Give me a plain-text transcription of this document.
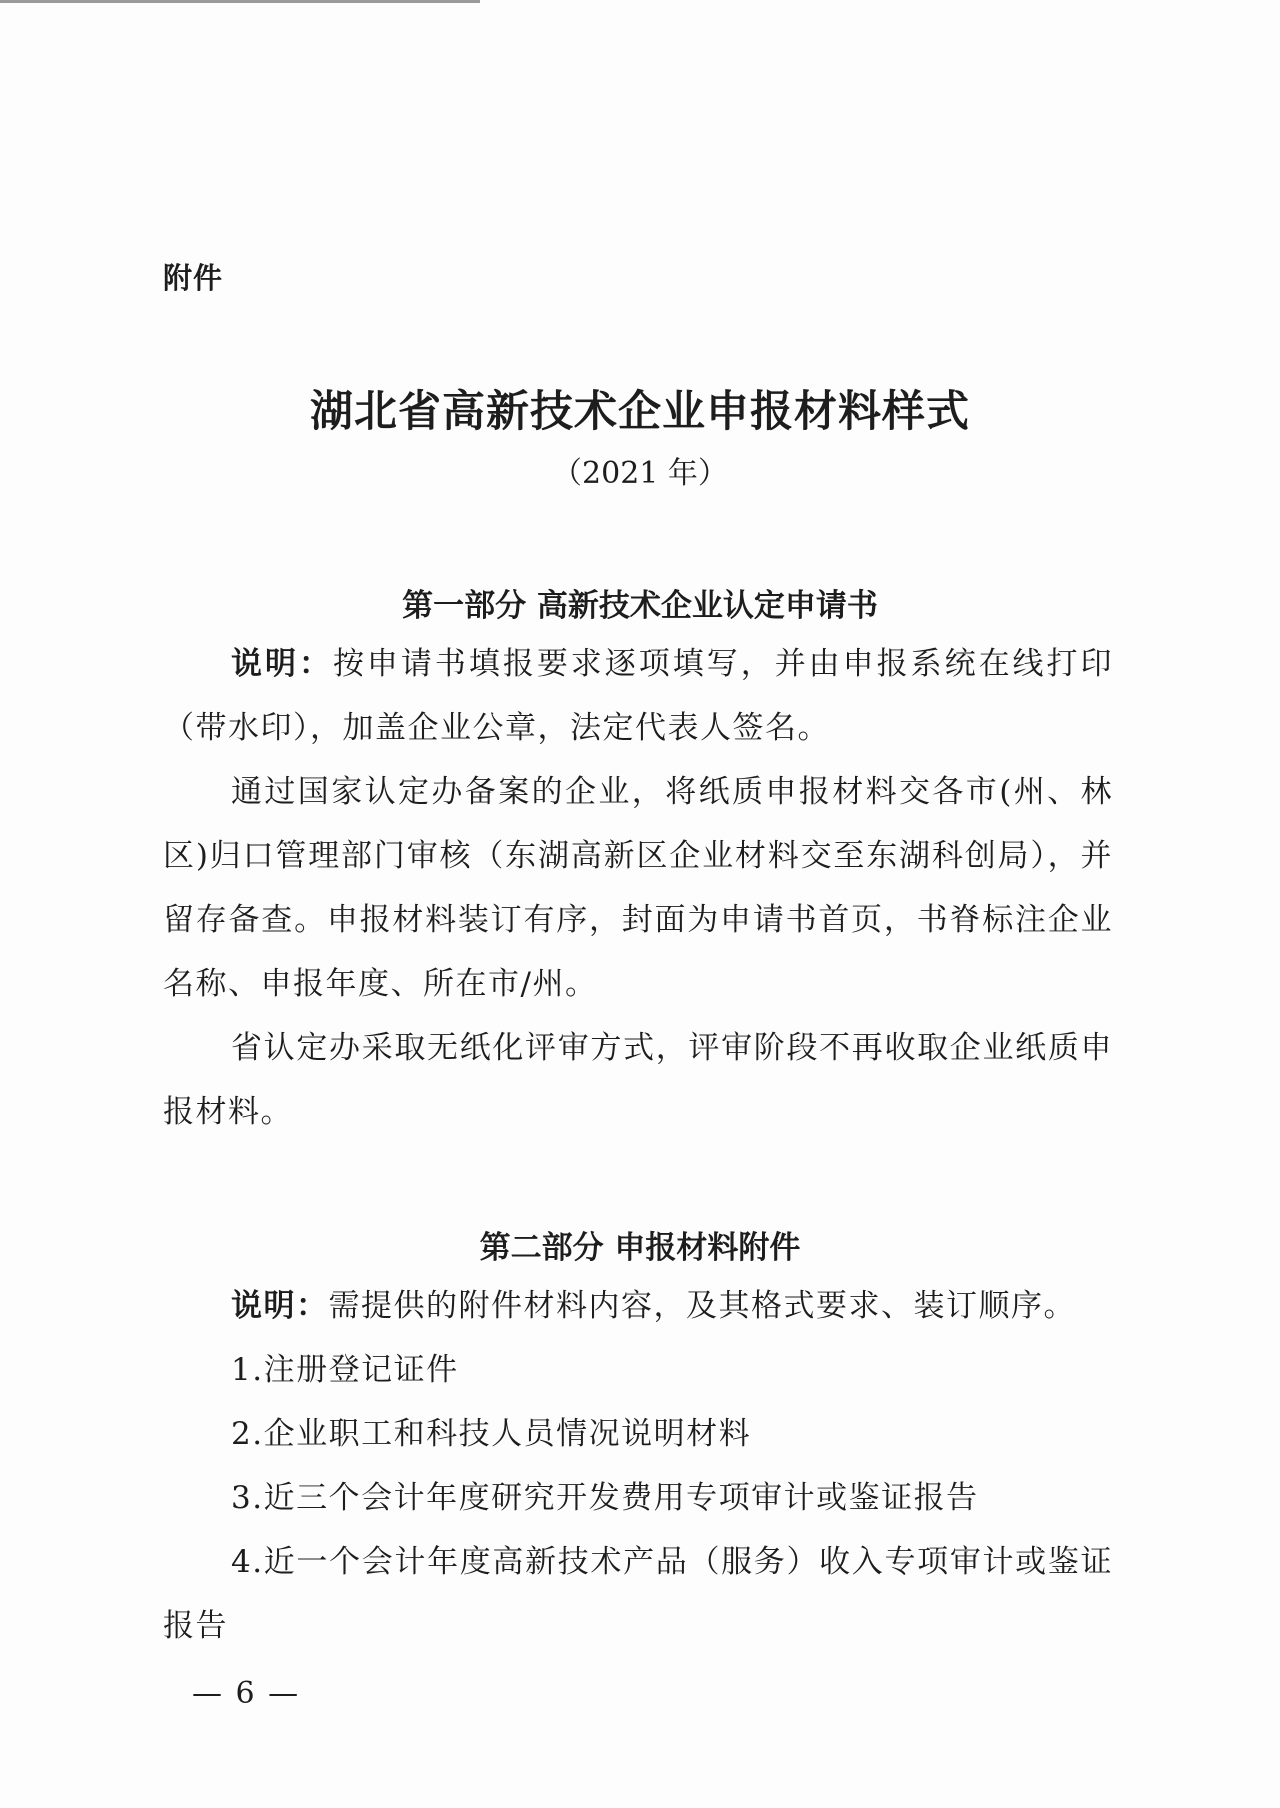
附件
湖北省高新技术企业申报材料样式
（2021 年）
第一部分 高新技术企业认定申请书
说明：按申请书填报要求逐项填写，并由申报系统在线打印（带水印），加盖企业公章，法定代表人签名。
通过国家认定办备案的企业，将纸质申报材料交各市(州、林区)归口管理部门审核（东湖高新区企业材料交至东湖科创局），并留存备查。申报材料装订有序，封面为申请书首页，书脊标注企业名称、申报年度、所在市/州。
省认定办采取无纸化评审方式，评审阶段不再收取企业纸质申报材料。
第二部分 申报材料附件
说明：需提供的附件材料内容，及其格式要求、装订顺序。
1.注册登记证件
2.企业职工和科技人员情况说明材料
3.近三个会计年度研究开发费用专项审计或鉴证报告
4.近一个会计年度高新技术产品（服务）收入专项审计或鉴证报告
— 6 —
